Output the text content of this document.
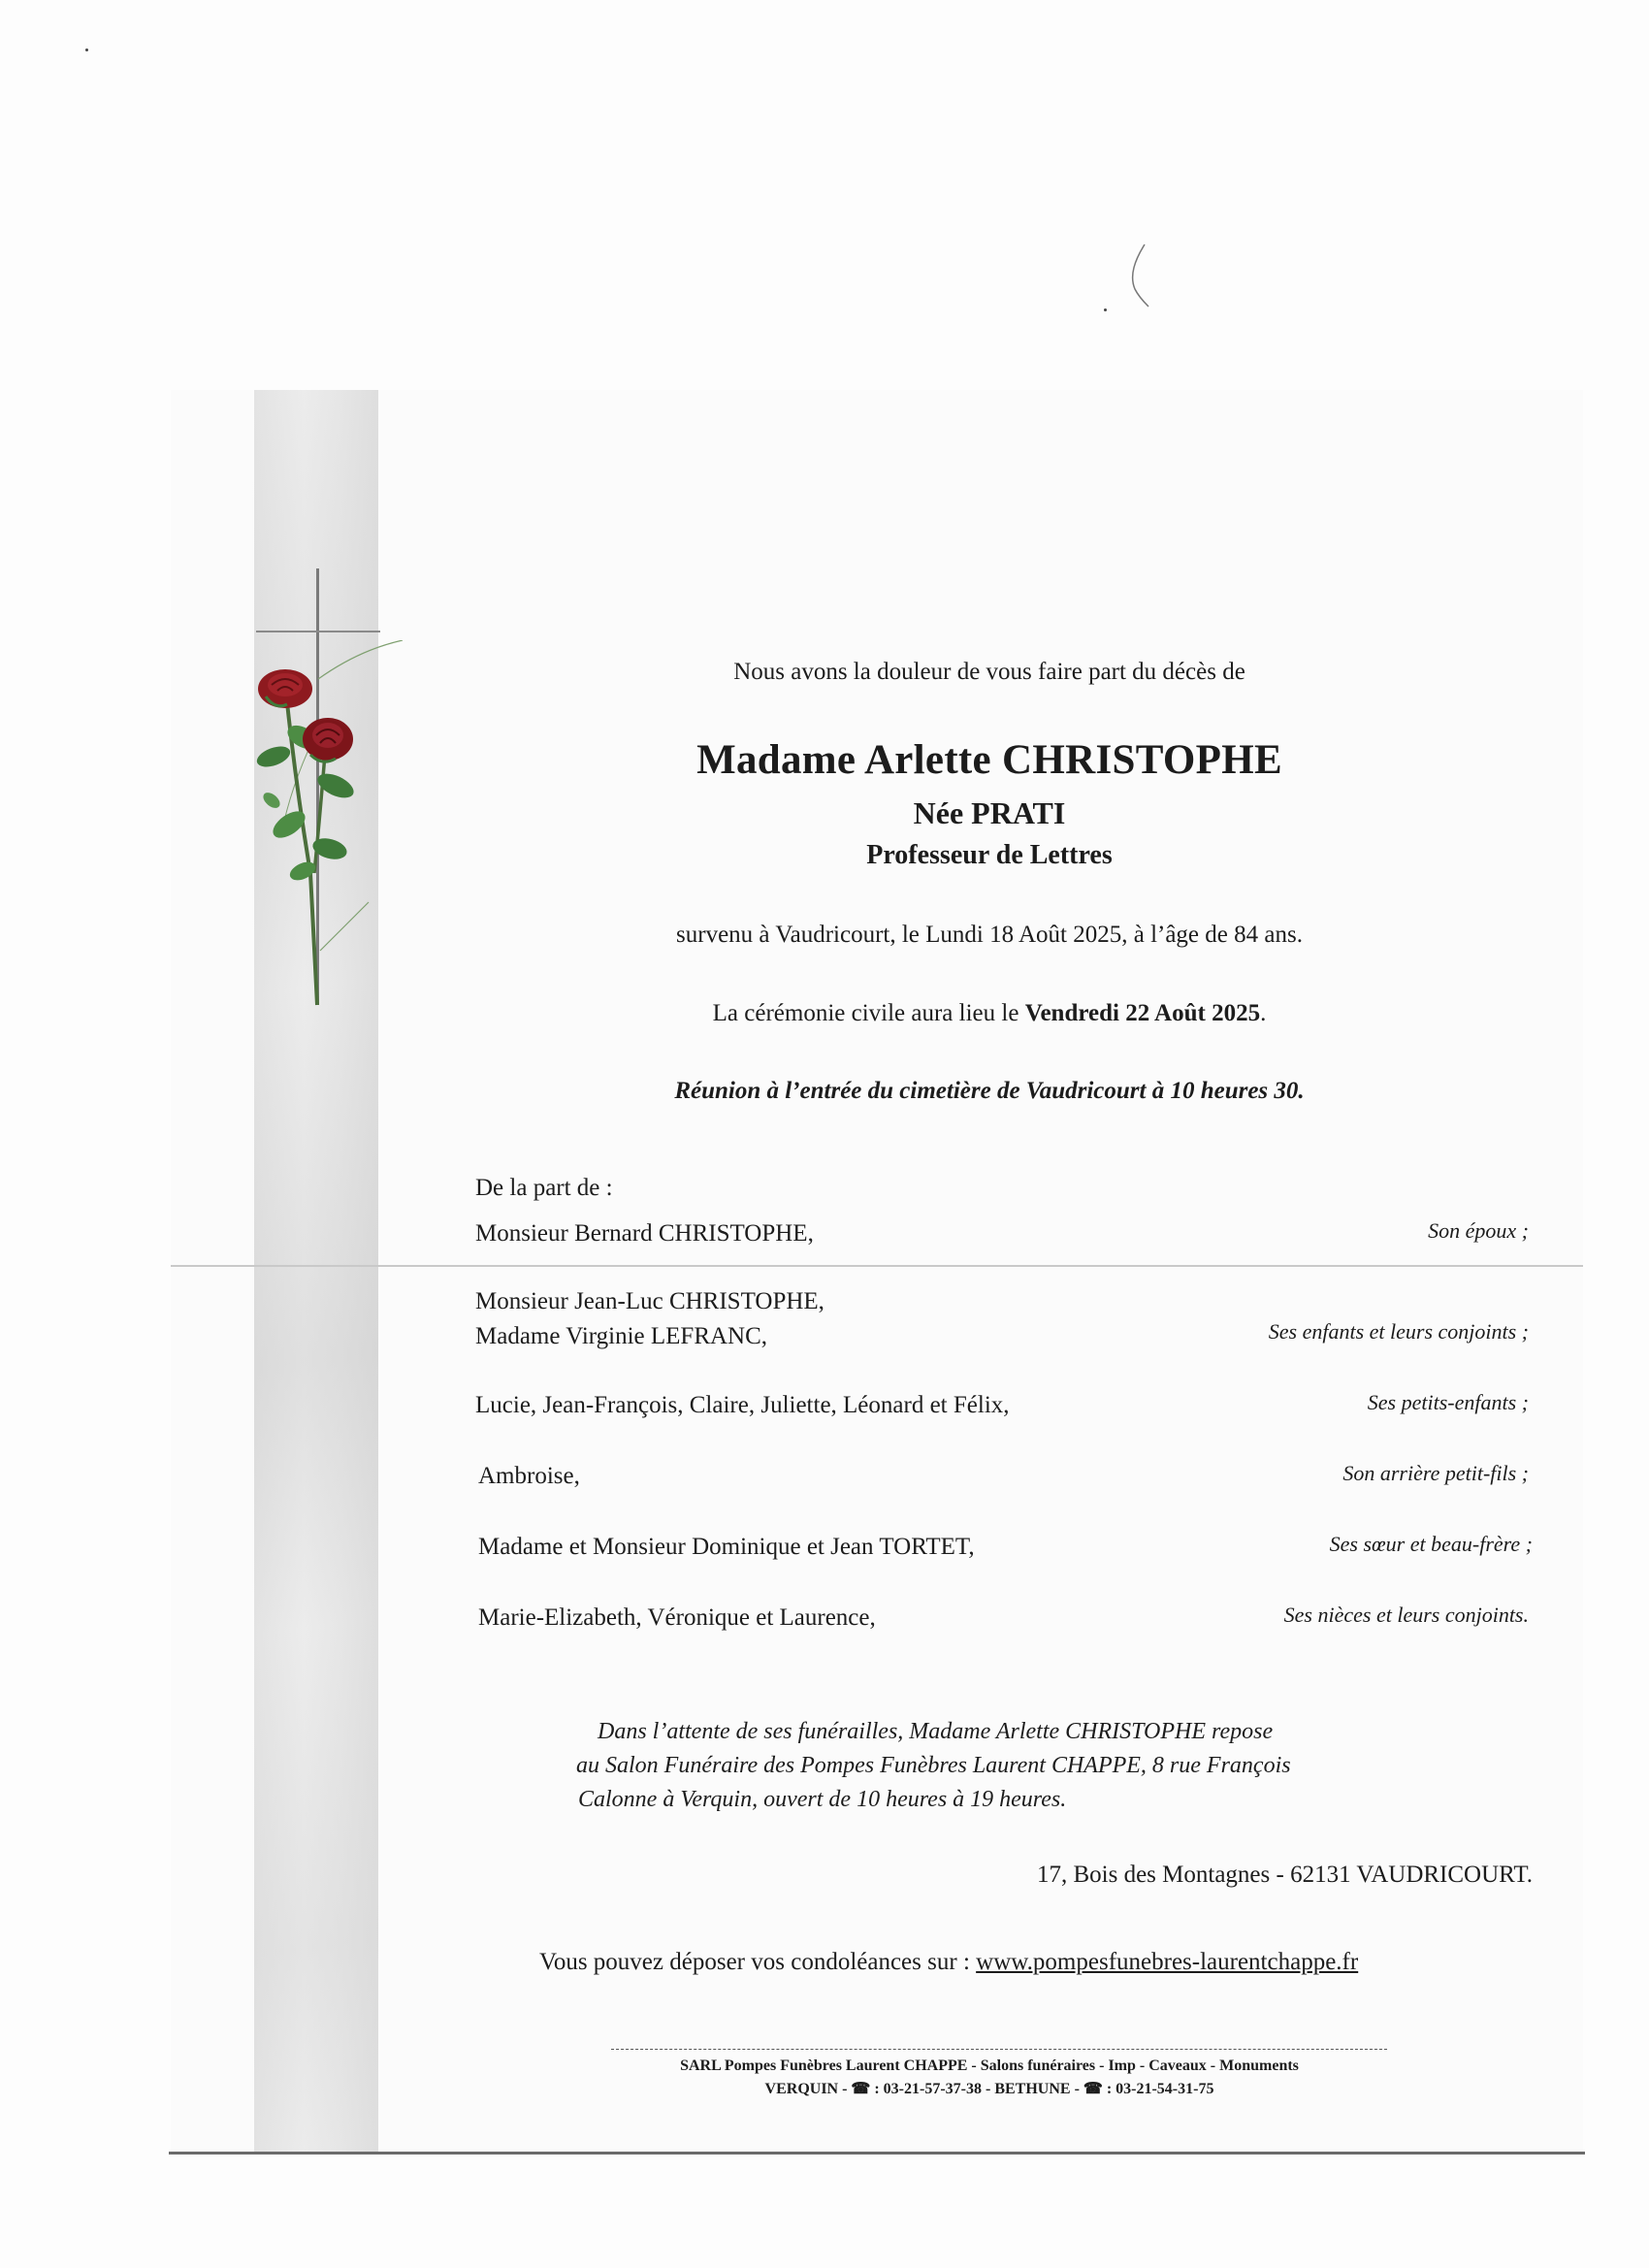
Nous avons la douleur de vous faire part du décès de
Madame Arlette CHRISTOPHE
Née PRATI
Professeur de Lettres
survenu à Vaudricourt, le Lundi 18 Août 2025, à l’âge de 84 ans.
La cérémonie civile aura lieu le Vendredi 22 Août 2025.
Réunion à l’entrée du cimetière de Vaudricourt à 10 heures 30.
De la part de :
Monsieur Bernard CHRISTOPHE,	Son époux ;
Monsieur Jean-Luc CHRISTOPHE,
Madame Virginie LEFRANC,	Ses enfants et leurs conjoints ;
Lucie, Jean-François, Claire, Juliette, Léonard et Félix,	Ses petits-enfants ;
Ambroise,	Son arrière petit-fils ;
Madame et Monsieur Dominique et Jean TORTET,	Ses sœur et beau-frère ;
Marie-Elizabeth, Véronique et Laurence,	Ses nièces et leurs conjoints.
Dans l’attente de ses funérailles, Madame Arlette CHRISTOPHE repose
au Salon Funéraire des Pompes Funèbres Laurent CHAPPE, 8 rue François
Calonne à Verquin, ouvert de 10 heures à 19 heures.
17, Bois des Montagnes - 62131 VAUDRICOURT.
Vous pouvez déposer vos condoléances sur : www.pompesfunebres-laurentchappe.fr
SARL Pompes Funèbres Laurent CHAPPE - Salons funéraires - Imp - Caveaux - Monuments
VERQUIN - ☎ : 03-21-57-37-38 - BETHUNE - ☎ : 03-21-54-31-75
